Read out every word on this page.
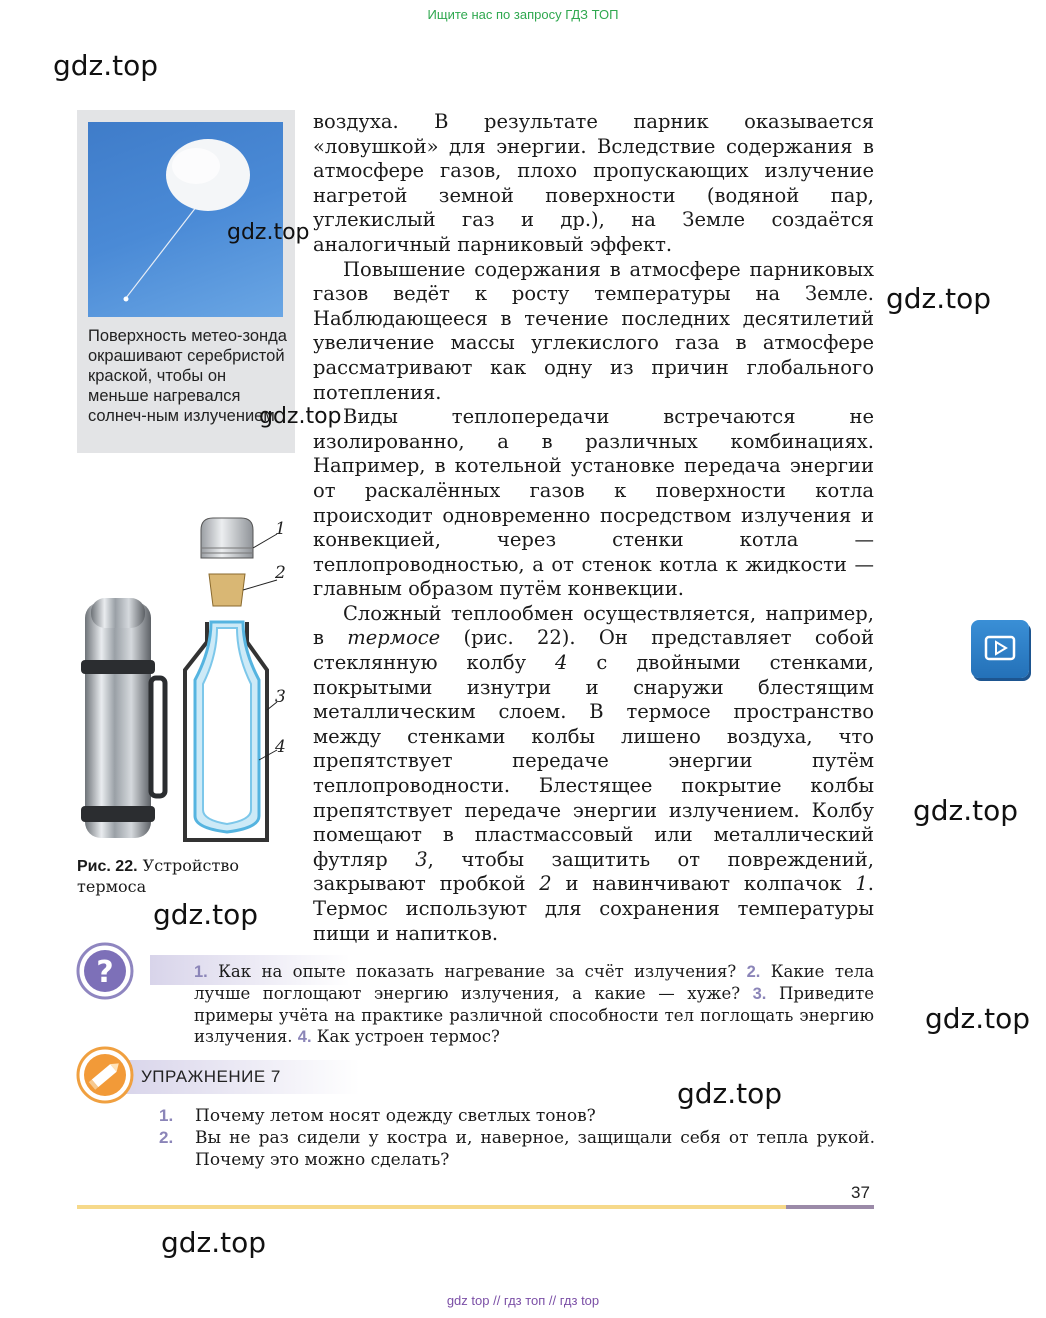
Ищите нас по запросу ГДЗ ТОП
Поверхность метео-зонда окрашивают серебристой краской, чтобы он меньше нагревался солнеч-ным излучением

воздуха. В результате парник оказывается «ловушкой» для энергии. Вследствие содержания в атмосфере газов, плохо пропускающих излучение нагретой земной поверхности (водяной пар, углекислый газ и др.), на Земле создаётся аналогичный парниковый эффект.

Повышение содержания в атмосфере парниковых газов ведёт к росту температуры на Земле. Наблюдающееся в течение последних десятилетий увеличение массы углекислого газа в атмосфере рассматривают как одну из причин глобального потепления.

Виды теплопередачи встречаются не изолированно, а в различных комбинациях. Например, в котельной установке передача энергии от раскалённых газов к поверхности котла происходит одновременно посредством излучения и конвекцией, через стенки котла — теплопроводностью, а от стенок котла к жидкости — главным образом путём конвекции.

Сложный теплообмен осуществляется, например, в термосе (рис. 22). Он представляет собой стеклянную колбу 4 с двойными стенками, покрытыми изнутри и снаружи блестящим металлическим слоем. В термосе пространство между стенками колбы лишено воздуха, что препятствует передаче энергии путём теплопроводности. Блестящее покрытие колбы препятствует передаче энергии излучением. Колбу помещают в пластмассовый или металлический футляр 3, чтобы защитить от повреждений, закрывают пробкой 2 и навинчивают колпачок 1. Термос используют для сохранения температуры пищи и напитков.

1
2
3
4
Рис. 22. Устройство термоса
?	1. Как на опыте показать нагревание за счёт излучения? 2. Какие тела лучше поглощают энергию излучения, а какие — хуже? 3. Приведите примеры учёта на практике различной способности тел поглощать энергию излучения. 4. Как устроен термос?
УПРАЖНЕНИЕ 7
1.	Почему летом носят одежду светлых тонов?
2.	Вы не раз сидели у костра и, наверное, защищали себя от тепла рукой. Почему это можно сделать?
37
gdz.top
gdz.top
gdz.top
gdz.top
gdz.top
gdz.top
gdz.top
gdz.top
gdz.top
gdz top // гдз топ // гдз top
